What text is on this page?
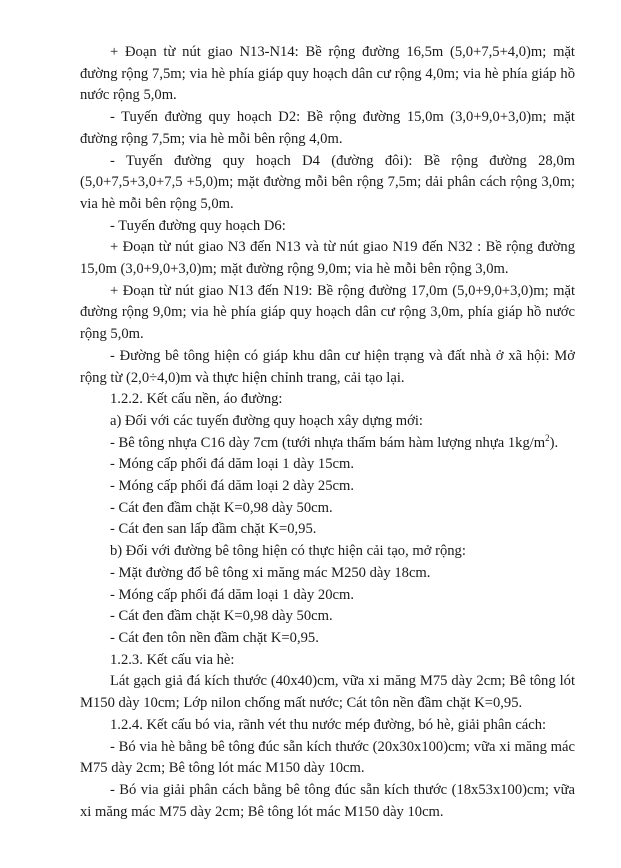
+ Đoạn từ nút giao N13-N14: Bề rộng đường 16,5m (5,0+7,5+4,0)m; mặt đường rộng 7,5m; via hè phía giáp quy hoạch dân cư rộng 4,0m; via hè phía giáp hồ nước rộng 5,0m.

- Tuyến đường quy hoạch D2: Bề rộng đường 15,0m (3,0+9,0+3,0)m; mặt đường rộng 7,5m; via hè mỗi bên rộng 4,0m.

- Tuyến đường quy hoạch D4 (đường đôi): Bề rộng đường 28,0m (5,0+7,5+3,0+7,5 +5,0)m; mặt đường mỗi bên rộng 7,5m; dải phân cách rộng 3,0m; via hè mỗi bên rộng 5,0m.

- Tuyến đường quy hoạch D6:

+ Đoạn từ nút giao N3 đến N13 và từ nút giao N19 đến N32 : Bề rộng đường 15,0m (3,0+9,0+3,0)m; mặt đường rộng 9,0m; via hè mỗi bên rộng 3,0m.

+ Đoạn từ nút giao N13 đến N19: Bề rộng đường 17,0m (5,0+9,0+3,0)m; mặt đường rộng 9,0m; via hè phía giáp quy hoạch dân cư rộng 3,0m, phía giáp hồ nước rộng 5,0m.

- Đường bê tông hiện có giáp khu dân cư hiện trạng và đất nhà ở xã hội: Mở rộng từ (2,0÷4,0)m và thực hiện chỉnh trang, cải tạo lại.

1.2.2. Kết cấu nền, áo đường:

a) Đối với các tuyến đường quy hoạch xây dựng mới:

- Bê tông nhựa C16 dày 7cm (tưới nhựa thấm bám hàm lượng nhựa $1kg/m^2$).

- Móng cấp phối đá dăm loại 1 dày 15cm.

- Móng cấp phối đá dăm loại 2 dày 25cm.

- Cát đen đầm chặt K=0,98 dày 50cm.

- Cát đen san lấp đầm chặt K=0,95.

b) Đối với đường bê tông hiện có thực hiện cải tạo, mở rộng:

- Mặt đường đổ bê tông xi măng mác M250 dày 18cm.

- Móng cấp phối đá dăm loại 1 dày 20cm.

- Cát đen đầm chặt K=0,98 dày 50cm.

- Cát đen tôn nền đầm chặt K=0,95.

1.2.3. Kết cấu via hè:

Lát gạch giả đá kích thước (40x40)cm, vữa xi măng M75 dày 2cm; Bê tông lót M150 dày 10cm; Lớp nilon chống mất nước; Cát tôn nền đầm chặt K=0,95.

1.2.4. Kết cấu bó via, rãnh vét thu nước mép đường, bó hè, giải phân cách:

- Bó via hè bằng bê tông đúc sẵn kích thước (20x30x100)cm; vữa xi măng mác M75 dày 2cm; Bê tông lót mác M150 dày 10cm.

- Bó via giải phân cách bằng bê tông đúc sẵn kích thước (18x53x100)cm; vữa xi măng mác M75 dày 2cm; Bê tông lót mác M150 dày 10cm.
